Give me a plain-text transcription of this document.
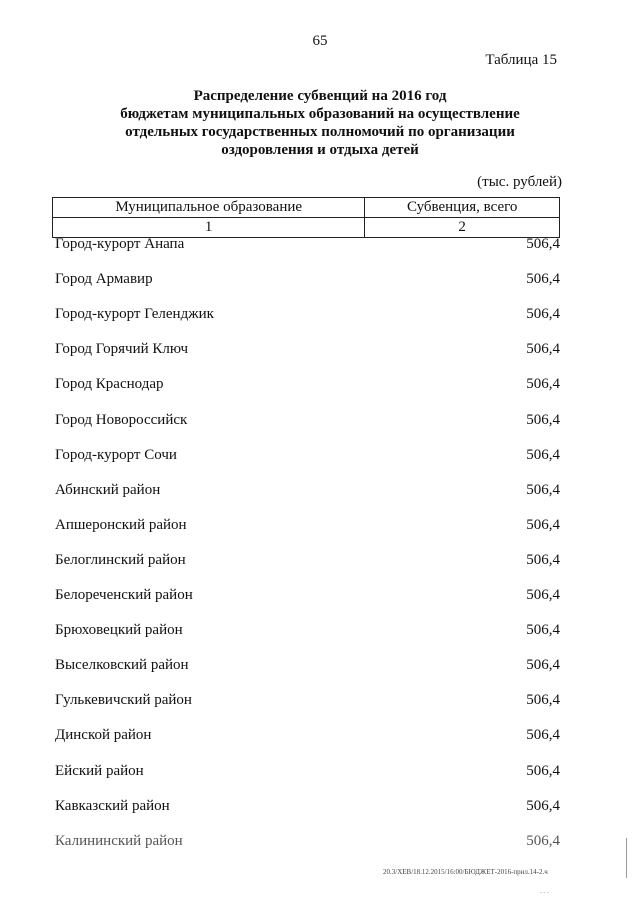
65
Таблица 15
Распределение субвенций на 2016 год
бюджетам муниципальных образований на осуществление
отдельных государственных полномочий по организации
оздоровления и отдыха детей
(тыс. рублей)
Муниципальное образование	Субвенция, всего
1	2
Город-курорт Анапа	506,4
Город Армавир	506,4
Город-курорт Геленджик	506,4
Город Горячий Ключ	506,4
Город Краснодар	506,4
Город Новороссийск	506,4
Город-курорт Сочи	506,4
Абинский район	506,4
Апшеронский район	506,4
Белоглинский район	506,4
Белореченский район	506,4
Брюховецкий район	506,4
Выселковский район	506,4
Гулькевичский район	506,4
Динской район	506,4
Ейский район	506,4
Кавказский район	506,4
Калининский район	506,4
20.3/ХЕВ/18.12.2015/16:00/БЮДЖЕТ-2016-прил.14-2.ч
- - -
